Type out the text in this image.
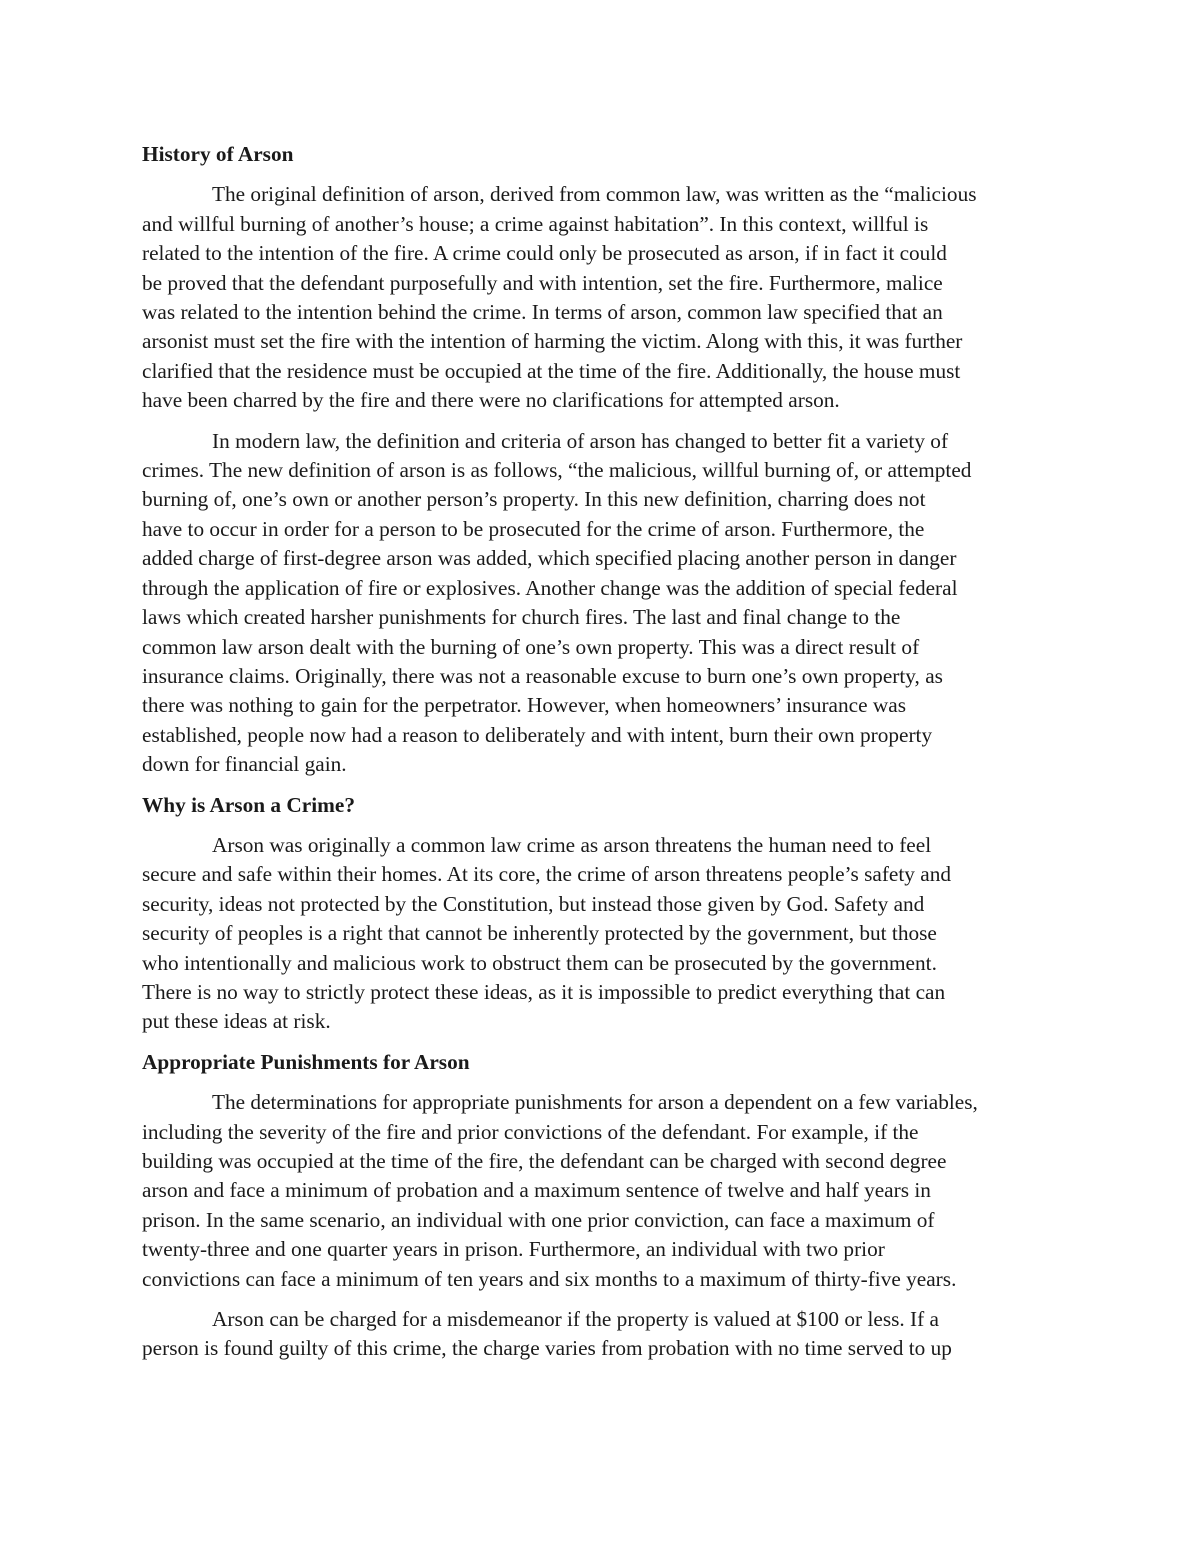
History of Arson
The original definition of arson, derived from common law, was written as the “malicious
and willful burning of another’s house; a crime against habitation”. In this context, willful is
related to the intention of the fire. A crime could only be prosecuted as arson, if in fact it could
be proved that the defendant purposefully and with intention, set the fire. Furthermore, malice
was related to the intention behind the crime. In terms of arson, common law specified that an
arsonist must set the fire with the intention of harming the victim. Along with this, it was further
clarified that the residence must be occupied at the time of the fire. Additionally, the house must
have been charred by the fire and there were no clarifications for attempted arson.
In modern law, the definition and criteria of arson has changed to better fit a variety of
crimes. The new definition of arson is as follows, “the malicious, willful burning of, or attempted
burning of, one’s own or another person’s property. In this new definition, charring does not
have to occur in order for a person to be prosecuted for the crime of arson. Furthermore, the
added charge of first-degree arson was added, which specified placing another person in danger
through the application of fire or explosives. Another change was the addition of special federal
laws which created harsher punishments for church fires. The last and final change to the
common law arson dealt with the burning of one’s own property. This was a direct result of
insurance claims. Originally, there was not a reasonable excuse to burn one’s own property, as
there was nothing to gain for the perpetrator. However, when homeowners’ insurance was
established, people now had a reason to deliberately and with intent, burn their own property
down for financial gain.
Why is Arson a Crime?
Arson was originally a common law crime as arson threatens the human need to feel
secure and safe within their homes. At its core, the crime of arson threatens people’s safety and
security, ideas not protected by the Constitution, but instead those given by God. Safety and
security of peoples is a right that cannot be inherently protected by the government, but those
who intentionally and malicious work to obstruct them can be prosecuted by the government.
There is no way to strictly protect these ideas, as it is impossible to predict everything that can
put these ideas at risk.
Appropriate Punishments for Arson
The determinations for appropriate punishments for arson a dependent on a few variables,
including the severity of the fire and prior convictions of the defendant. For example, if the
building was occupied at the time of the fire, the defendant can be charged with second degree
arson and face a minimum of probation and a maximum sentence of twelve and half years in
prison. In the same scenario, an individual with one prior conviction, can face a maximum of
twenty-three and one quarter years in prison. Furthermore, an individual with two prior
convictions can face a minimum of ten years and six months to a maximum of thirty-five years.
Arson can be charged for a misdemeanor if the property is valued at $100 or less. If a
person is found guilty of this crime, the charge varies from probation with no time served to up
